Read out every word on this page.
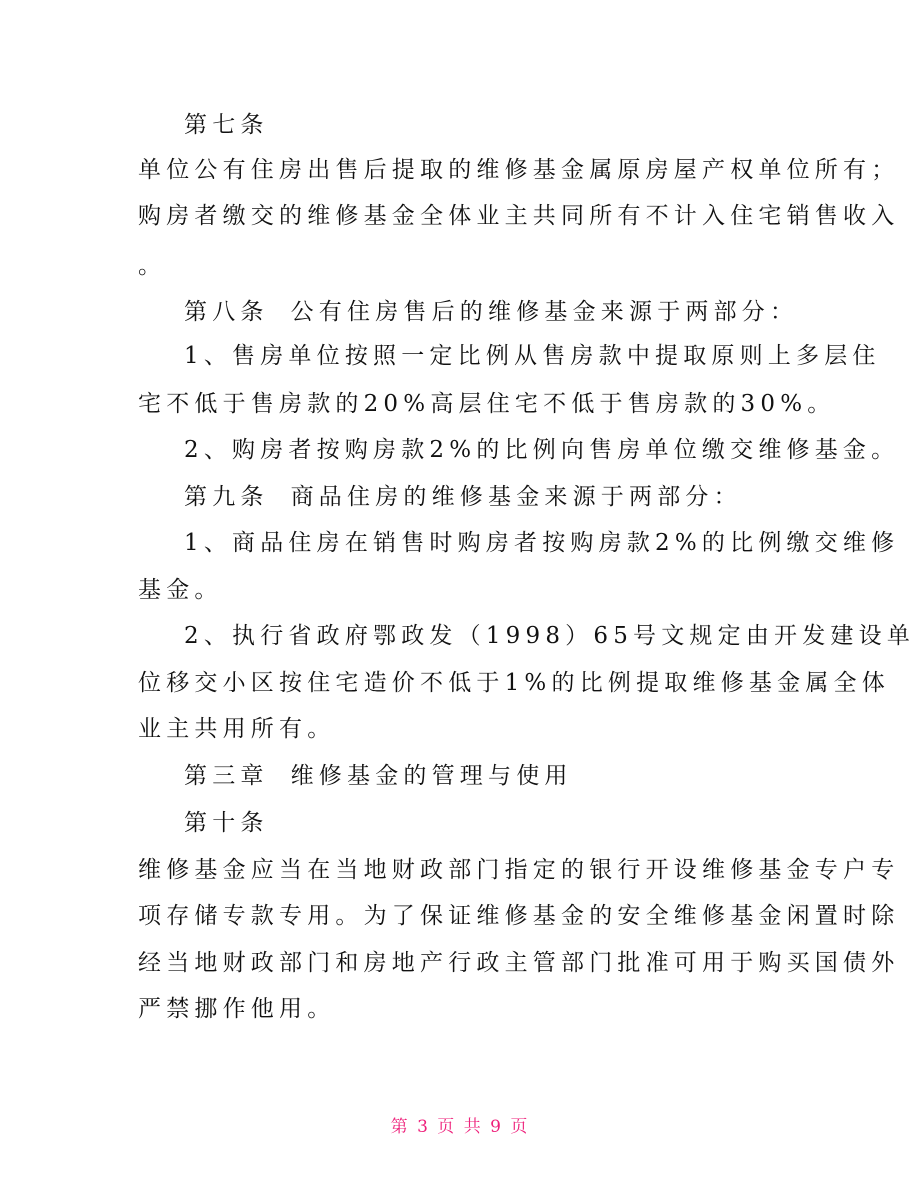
第七条
单位公有住房出售后提取的维修基金属原房屋产权单位所有；
购房者缴交的维修基金全体业主共同所有不计入住宅销售收入
。
第八条 公有住房售后的维修基金来源于两部分：
1、售房单位按照一定比例从售房款中提取原则上多层住
宅不低于售房款的20%高层住宅不低于售房款的30%。
2、购房者按购房款2%的比例向售房单位缴交维修基金。
第九条 商品住房的维修基金来源于两部分：
1、商品住房在销售时购房者按购房款2%的比例缴交维修
基金。
2、执行省政府鄂政发（1998）65号文规定由开发建设单
位移交小区按住宅造价不低于1%的比例提取维修基金属全体
业主共用所有。
第三章 维修基金的管理与使用
第十条
维修基金应当在当地财政部门指定的银行开设维修基金专户专
项存储专款专用。为了保证维修基金的安全维修基金闲置时除
经当地财政部门和房地产行政主管部门批准可用于购买国债外
严禁挪作他用。
第 3 页 共 9 页
